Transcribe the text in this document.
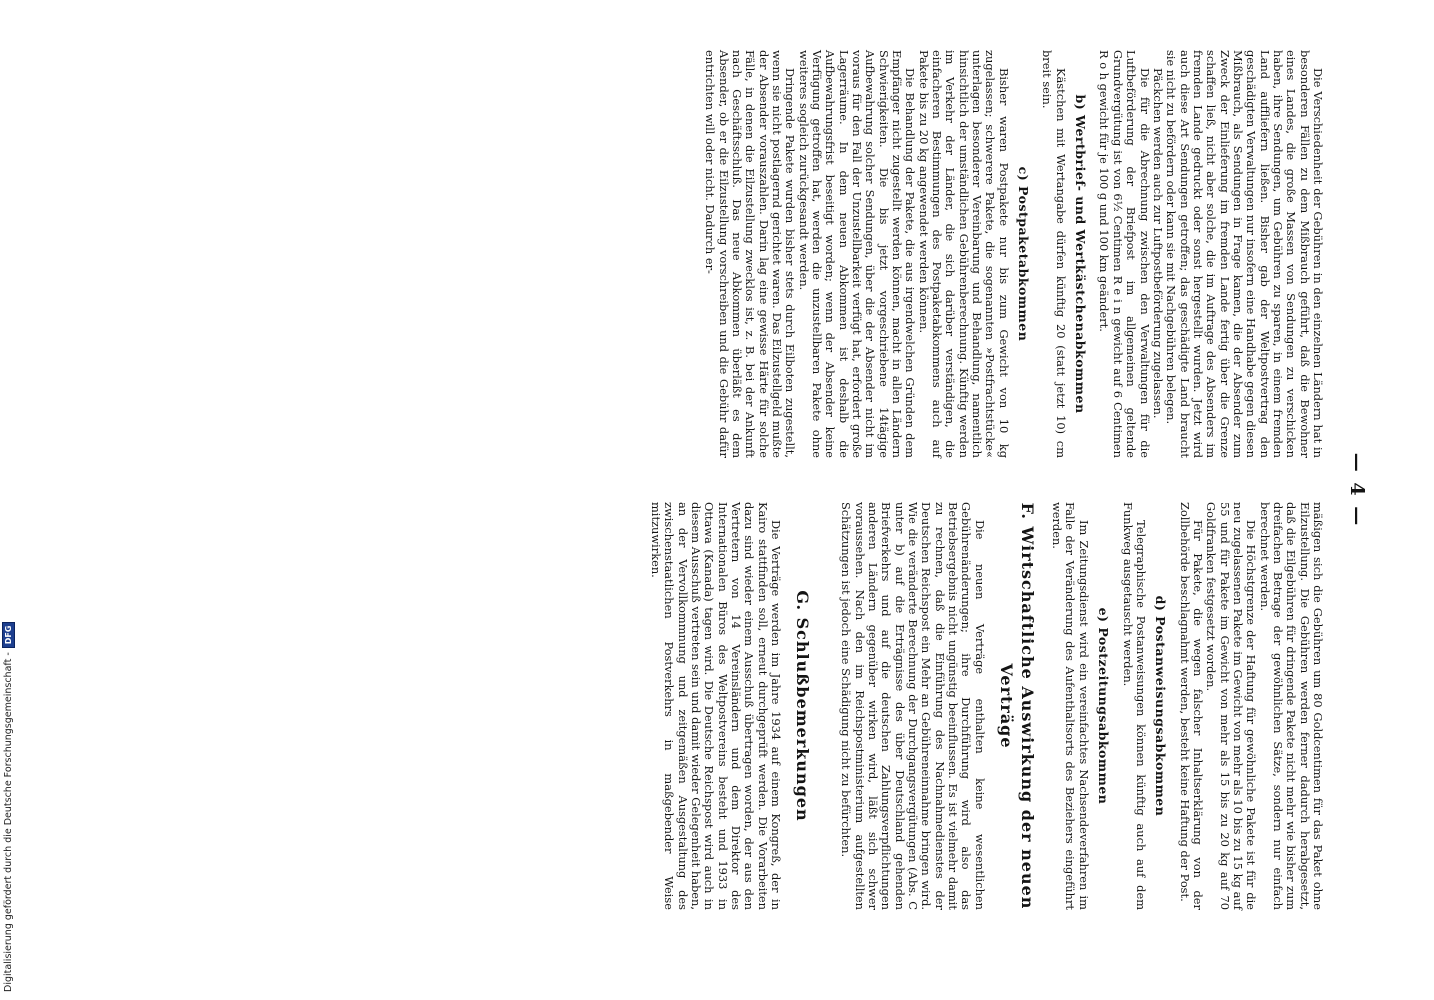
— 4 —

Die Verschiedenheit der Gebühren in den einzelnen Ländern hat in besonderen Fällen zu dem Mißbrauch geführt, daß die Bewohner eines Landes, die große Massen von Sendungen zu verschicken haben, ihre Sendungen, um Gebühren zu sparen, in einem fremden Land auffliefern ließen. Bisher gab der Weltpostvertrag den geschädigten Verwaltungen nur insofern eine Handhabe gegen diesen Mißbrauch, als Sendungen in Frage kamen, die der Absender zum Zweck der Einlieferung im fremden Lande fertig über die Grenze schaffen ließ, nicht aber solche, die im Auftrage des Absenders im fremden Lande gedruckt oder sonst hergestellt wurden. Jetzt wird auch diese Art Sendungen getroffen; das geschädigte Land braucht sie nicht zu befördern oder kann sie mit Nachgebühren belegen.

Päckchen werden auch zur Luftpostbeförderung zugelassen.

Die für die Abrechnung zwischen den Verwaltungen für die Luftbeförderung der Briefpost im allgemeinen geltende Grundvergütung ist von 6½ Centimen R e i n gewicht auf 6 Centimen R o h gewicht für je 100 g und 100 km geändert.

b) Wertbrief- und Wertkästchenabkommen

Kästchen mit Wertangabe dürfen künftig 20 (statt jetzt 10) cm breit sein.

c) Postpaketabkommen

Bisher waren Postpakete nur bis zum Gewicht von 10 kg zugelassen; schwerere Pakete, die sogenannten »Postfrachtstücke« unterlagen besonderer Vereinbarung und Behandlung, namentlich hinsichtlich der umständlichen Gebührenberechnung. Künftig werden im Verkehr der Länder, die sich darüber verständigen, die einfacheren Bestimmungen des Postpaketabkommens auch auf Pakete bis zu 20 kg angewendet werden können.

Die Behandlung der Pakete, die aus irgendwelchen Gründen dem Empfänger nicht zugestellt werden können, macht in allen Ländern Schwierigkeiten. Die bis jetzt vorgeschriebene 14tägige Aufbewahrung solcher Sendungen, über die der Absender nicht im voraus für den Fall der Unzustellbarkeit verfügt hat, erfordert große Lagerräume. In dem neuen Abkommen ist deshalb die Aufbewahrungsfrist beseitigt worden; wenn der Absender keine Verfügung getroffen hat, werden die unzustellbaren Pakete ohne weiteres sogleich zurückgesandt werden.

Dringende Pakete wurden bisher stets durch Eilboten zugestellt, wenn sie nicht postlagernd gerichtet waren. Das Eilzustellgeld mußte der Absender vorauszahlen. Darin lag eine gewisse Härte für solche Fälle, in denen die Eilzustellung zwecklos ist, z. B. bei der Ankunft nach Geschäftsschluß. Das neue Abkommen überläßt es dem Absender, ob er die Eilzustellung vorschreiben und die Gebühr dafür entrichten will oder nicht. Dadurch er-

mäßigen sich die Gebühren um 80 Goldcentimen für das Paket ohne Eilzustellung. Die Gebühren werden ferner dadurch herabgesetzt, daß die Eilgebühren für dringende Pakete nicht mehr wie bisher zum dreifachen Betrage der gewöhnlichen Sätze, sondern nur einfach berechnet werden.

Die Höchstgrenze der Haftung für gewöhnliche Pakete ist für die neu zugelassenen Pakete im Gewicht von mehr als 10 bis zu 15 kg auf 55 und für Pakete im Gewicht von mehr als 15 bis zu 20 kg auf 70 Goldfranken festgesetzt worden.

Für Pakete, die wegen falscher Inhaltserklärung von der Zollbehörde beschlagnahmt werden, besteht keine Haftung der Post.

d) Postanweisungsabkommen

Telegraphische Postanweisungen können künftig auch auf dem Funkweg ausgetauscht werden.

e) Postzeitungsabkommen

Im Zeitungsdienst wird ein vereinfachtes Nachsendeverfahren im Falle der Veränderung des Aufenthaltsorts des Beziehers eingeführt werden.

F. Wirtschaftliche Auswirkung der neuen Verträge

Die neuen Verträge enthalten keine wesentlichen Gebührenänderungen; ihre Durchführung wird also das Betriebsergebnis nicht ungünstig beeinflussen. Es ist vielmehr damit zu rechnen, daß die Einführung des Nachnahmedienstes der Deutschen Reichspost ein Mehr an Gebühreneinnahme bringen wird. Wie die veränderte Berechnung der Durchgangsvergütungen (Abs. C unter b) auf die Erträgnisse des über Deutschland gehenden Briefverkehrs und auf die deutschen Zahlungsverpflichtungen anderen Ländern gegenüber wirken wird, läßt sich schwer voraussehen. Nach den im Reichspostministerium aufgestellten Schätzungen ist jedoch eine Schädigung nicht zu befürchten.

G. Schlußbemerkungen

Die Verträge werden im Jahre 1934 auf einem Kongreß, der in Kairo stattfinden soll, erneut durchgeprüft werden. Die Vorarbeiten dazu sind wieder einem Ausschuß übertragen worden, der aus den Vertretern von 14 Vereinsländern und dem Direktor des Internationalen Büros des Weltpostvereins besteht und 1933 in Ottawa (Kanada) tagen wird. Die Deutsche Reichspost wird auch in diesem Ausschuß vertreten sein und damit wieder Gelegenheit haben, an der Vervollkommnung und zeitgemäßen Ausgestaltung des zwischenstaatlichen Postverkehrs in maßgebender Weise mitzuwirken.

Digitalisierung gefördert durch die Deutsche Forschungsgemeinschaft -DFG
